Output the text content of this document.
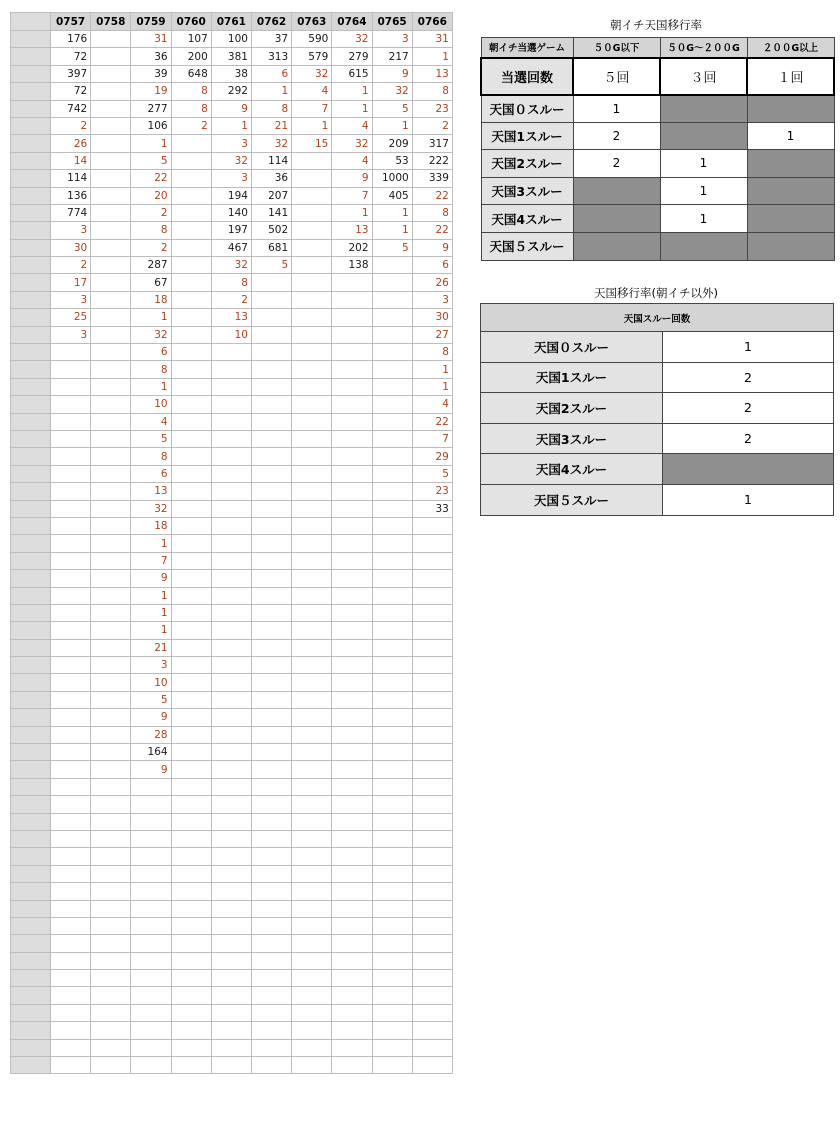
	0757	0758	0759	0760	0761	0762	0763	0764	0765	0766
	176		31	107	100	37	590	32	3	31
	72		36	200	381	313	579	279	217	1
	397		39	648	38	6	32	615	9	13
	72		19	8	292	1	4	1	32	8
	742		277	8	9	8	7	1	5	23
	2		106	2	1	21	1	4	1	2
	26		1		3	32	15	32	209	317
	14		5		32	114		4	53	222
	114		22		3	36		9	1000	339
	136		20		194	207		7	405	22
	774		2		140	141		1	1	8
	3		8		197	502		13	1	22
	30		2		467	681		202	5	9
	2		287		32	5		138		6
	17		67		8					26
	3		18		2					3
	25		1		13					30
	3		32		10					27
			6							8
			8							1
			1							1
			10							4
			4							22
			5							7
			8							29
			6							5
			13							23
			32							33
			18							
			1							
			7							
			9							
			1							
			1							
			1							
			21							
			3							
			10							
			5							
			9							
			28							
			164							
			9							

朝イチ天国移行率
朝イチ当選ゲーム	５０G以下	５０G〜２００G	２００G以上
当選回数	５回	３回	１回
天国０スルー	1		
天国1スルー	2		1
天国2スルー	2	1	
天国3スルー		1	
天国4スルー		1	
天国５スルー			
天国移行率(朝イチ以外)
天国スルー回数	
天国０スルー	1
天国1スルー	2
天国2スルー	2
天国3スルー	2
天国4スルー	
天国５スルー	1
